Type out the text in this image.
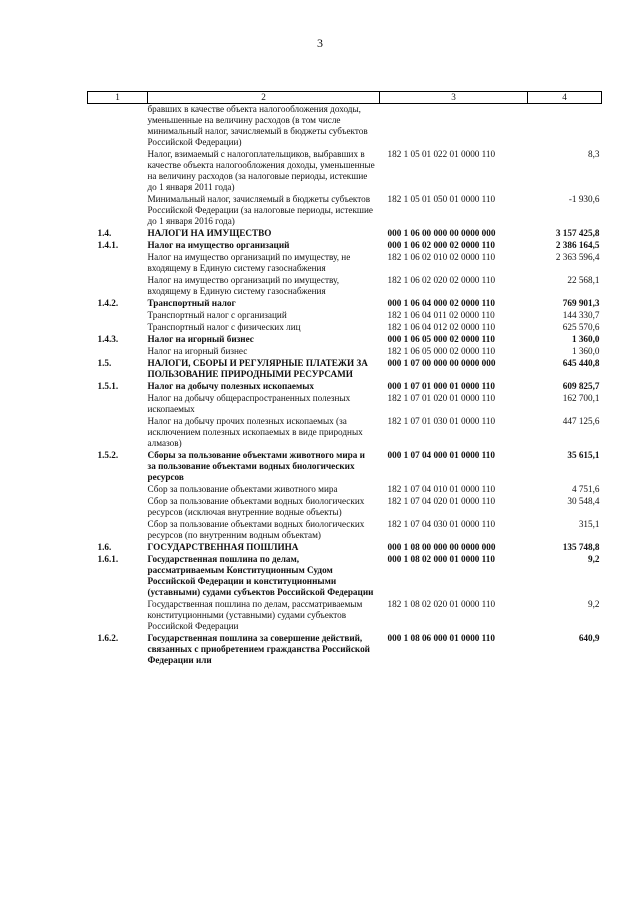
3
1	2	3	4
	бравших в качестве объекта налогообложения доходы, уменьшенные на величину расходов (в том числе минимальный налог, зачисляемый в бюджеты субъектов Российской Федерации)		
	Налог, взимаемый с налогоплательщиков, выбравших в качестве объекта налогообложения доходы, уменьшенные на величину расходов (за налоговые периоды, истекшие до 1 января 2011 года)	182 1 05 01 022 01 0000 110	8,3
	Минимальный налог, зачисляемый в бюджеты субъектов Российской Федерации (за налоговые периоды, истекшие до 1 января 2016 года)	182 1 05 01 050 01 0000 110	-1 930,6
1.4.	НАЛОГИ НА ИМУЩЕСТВО	000 1 06 00 000 00 0000 000	3 157 425,8
1.4.1.	Налог на имущество организаций	000 1 06 02 000 02 0000 110	2 386 164,5
	Налог на имущество организаций по имуществу, не входящему в Единую систему газоснабжения	182 1 06 02 010 02 0000 110	2 363 596,4
	Налог на имущество организаций по имуществу, входящему в Единую систему газоснабжения	182 1 06 02 020 02 0000 110	22 568,1
1.4.2.	Транспортный налог	000 1 06 04 000 02 0000 110	769 901,3
	Транспортный налог с организаций	182 1 06 04 011 02 0000 110	144 330,7
	Транспортный налог с физических лиц	182 1 06 04 012 02 0000 110	625 570,6
1.4.3.	Налог на игорный бизнес	000 1 06 05 000 02 0000 110	1 360,0
	Налог на игорный бизнес	182 1 06 05 000 02 0000 110	1 360,0
1.5.	НАЛОГИ, СБОРЫ И РЕГУЛЯРНЫЕ ПЛАТЕЖИ ЗА ПОЛЬЗОВАНИЕ ПРИРОДНЫМИ РЕСУРСАМИ	000 1 07 00 000 00 0000 000	645 440,8
1.5.1.	Налог на добычу полезных ископаемых	000 1 07 01 000 01 0000 110	609 825,7
	Налог на добычу общераспространенных полезных ископаемых	182 1 07 01 020 01 0000 110	162 700,1
	Налог на добычу прочих полезных ископаемых (за исключением полезных ископаемых в виде природных алмазов)	182 1 07 01 030 01 0000 110	447 125,6
1.5.2.	Сборы за пользование объектами животного мира и за пользование объектами водных биологических ресурсов	000 1 07 04 000 01 0000 110	35 615,1
	Сбор за пользование объектами животного мира	182 1 07 04 010 01 0000 110	4 751,6
	Сбор за пользование объектами водных биологических ресурсов (исключая внутренние водные объекты)	182 1 07 04 020 01 0000 110	30 548,4
	Сбор за пользование объектами водных биологических ресурсов (по внутренним водным объектам)	182 1 07 04 030 01 0000 110	315,1
1.6.	ГОСУДАРСТВЕННАЯ ПОШЛИНА	000 1 08 00 000 00 0000 000	135 748,8
1.6.1.	Государственная пошлина по делам, рассматриваемым Конституционным Судом Российской Федерации и конституционными (уставными) судами субъектов Российской Федерации	000 1 08 02 000 01 0000 110	9,2
	Государственная пошлина по делам, рассматриваемым конституционными (уставными) судами субъектов Российской Федерации	182 1 08 02 020 01 0000 110	9,2
1.6.2.	Государственная пошлина за совершение действий, связанных с приобретением гражданства Российской Федерации или	000 1 08 06 000 01 0000 110	640,9
